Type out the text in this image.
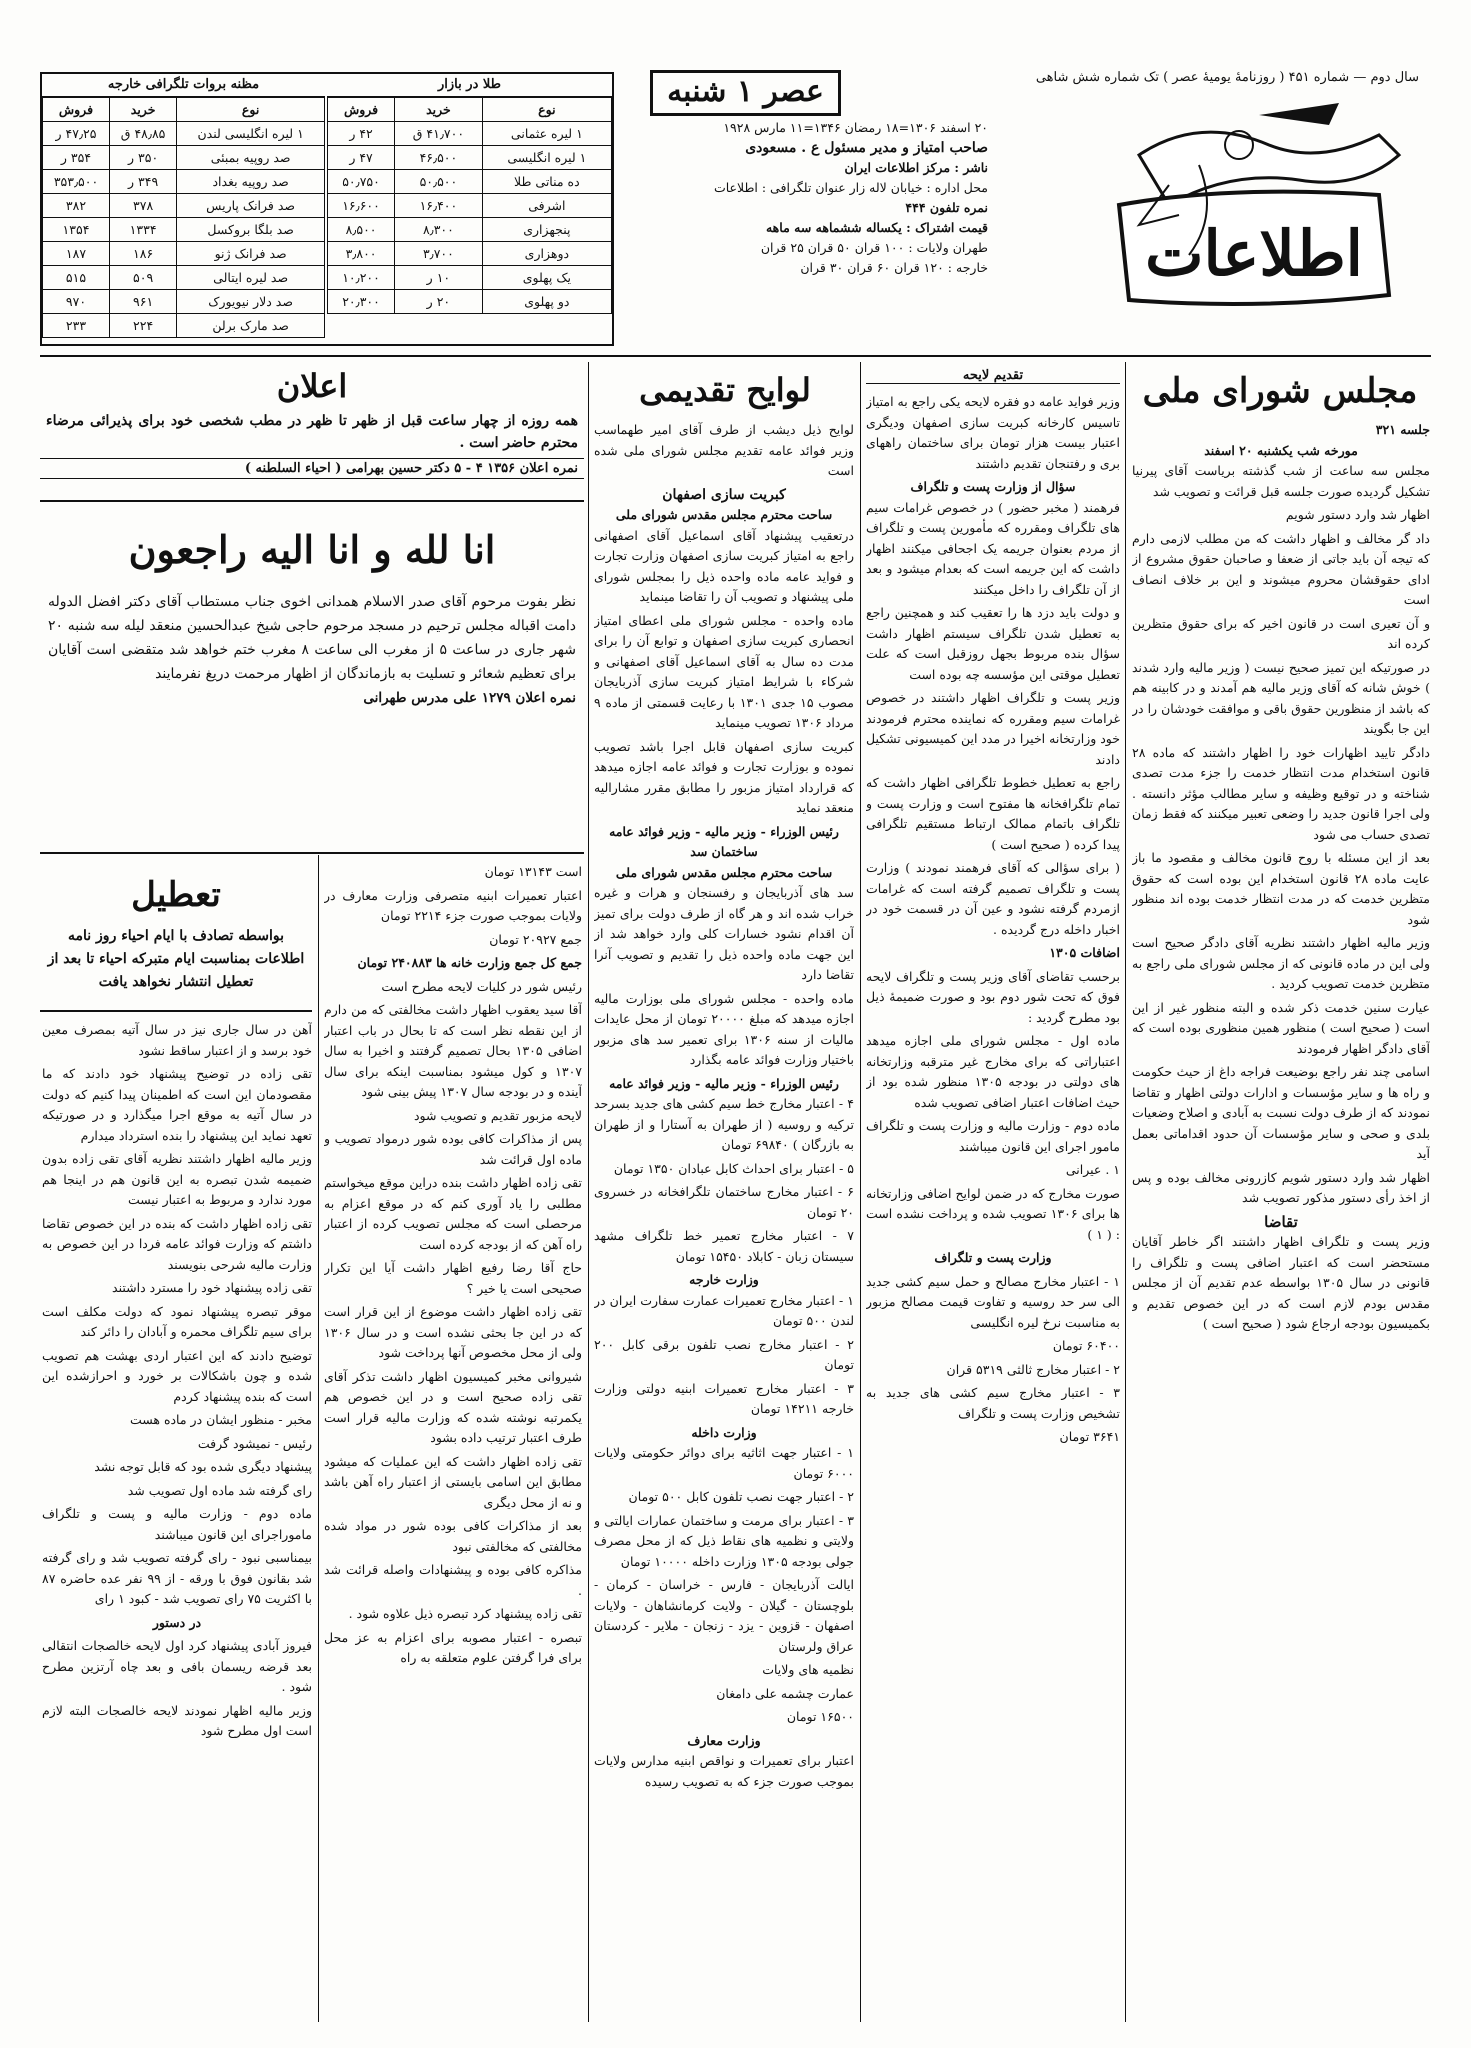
سال دوم — شماره ۴۵۱ ( روزنامهٔ یومیهٔ عصر ) تک شماره شش شاهی
اطلاعات
عصر ۱ شنبه
۲۰ اسفند ۱۳۰۶=۱۸ رمضان ۱۳۴۶=۱۱ مارس ۱۹۲۸
صاحب امتیاز و مدیر مسئول ع . مسعودی
ناشر : مرکز اطلاعات ایران
محل اداره : خیابان لاله زار عنوان تلگرافی : اطلاعات
نمره تلفون ۴۴۴
قیمت اشتراک : یکساله ششماهه سه ماهه
طهران ولایات : ۱۰۰ قران ۵۰ قران ۲۵ قران
خارجه : ۱۲۰ قران ۶۰ قران ۳۰ قران
طلا در بازار
نوع	خرید	فروش
۱ لیره عثمانی	۴۱٫۷۰۰ ق	۴۲ ر
۱ لیره انگلیسی	۴۶٫۵۰۰	۴۷ ر
ده مناتی طلا	۵۰٫۵۰۰	۵۰٫۷۵۰
اشرفی	۱۶٫۴۰۰	۱۶٫۶۰۰
پنجهزاری	۸٫۳۰۰	۸٫۵۰۰
دوهزاری	۳٫۷۰۰	۳٫۸۰۰
یک پهلوی	۱۰ ر	۱۰٫۲۰۰
دو پهلوی	۲۰ ر	۲۰٫۳۰۰
مظنه بروات تلگرافی خارجه
نوع	خرید	فروش
۱ لیره انگلیسی لندن	۴۸٫۸۵ ق	۴۷٫۲۵ ر
صد روپیه بمبئی	۳۵۰ ر	۳۵۴ ر
صد روپیه بغداد	۳۴۹ ر	۳۵۳٫۵۰۰
صد فرانک پاریس	۳۷۸	۳۸۲
صد بلگا بروکسل	۱۳۳۴	۱۳۵۴
صد فرانک ژنو	۱۸۶	۱۸۷
صد لیره ایتالی	۵۰۹	۵۱۵
صد دلار نیویورک	۹۶۱	۹۷۰
صد مارک برلن	۲۲۴	۲۳۳
مجلس شورای ملی
جلسه ۳۲۱
مورخه شب یکشنبه ۲۰ اسفند

مجلس سه ساعت از شب گذشته بریاست آقای پیرنیا تشکیل گردیده صورت جلسه قبل قرائت و تصویب شد

اظهار شد وارد دستور شویم

داد گر مخالف و اظهار داشت که من مطلب لازمی دارم که تیجه آن باید جاتی از ضعفا و صاحبان حقوق مشروع از ادای حقوقشان محروم میشوند و این بر خلاف انصاف است

و آن تعیری است در قانون اخیر که برای حقوق متظرین کرده اند

در صورتیکه این تمیز صحیح نیست ( وزیر مالیه وارد شدند ) خوش شانه که آقای وزیر مالیه هم آمدند و در کابینه هم که باشد از منظورین حقوق باقی و موافقت خودشان را در این جا بگویند

دادگر تایید اظهارات خود را اظهار داشتند که ماده ۲۸ قانون استخدام مدت انتظار خدمت را جزء مدت تصدی شناخته و در توقیع وظیفه و سایر مطالب مؤثر دانسته . ولی اجرا قانون جدید را وضعی تعبیر میکنند که فقط زمان تصدی حساب می شود

بعد از این مسئله با روح قانون مخالف و مقصود ما باز عایت ماده ۲۸ قانون استخدام این بوده است که حقوق متظرین خدمت که در مدت انتظار خدمت بوده اند منظور شود

وزیر مالیه اظهار داشتند نظریه آقای دادگر صحیح است ولی این در ماده قانونی که از مجلس شورای ملی راجع به متظرین خدمت تصویب کردید .

عیارت سنین خدمت ذکر شده و البته منظور غیر از این است ( صحیح است ) منظور همین منظوری بوده است که آقای دادگر اظهار فرمودند

اسامی چند نفر راجع بوضیعت فراجه داغ از حیث حکومت و راه ها و سایر مؤسسات و ادارات دولتی اظهار و تقاضا نمودند که از طرف دولت نسبت به آبادی و اصلاح وضعیات بلدی و صحی و سایر مؤسسات آن حدود اقداماتی بعمل آید

اظهار شد وارد دستور شویم کازرونی مخالف بوده و پس از اخذ رأی دستور مذکور تصویب شد

تقاضا

وزیر پست و تلگراف اظهار داشتند اگر خاطر آقایان مستحضر است که اعتبار اضافی پست و تلگراف را قانونی در سال ۱۳۰۵ بواسطه عدم تقدیم آن از مجلس مقدس بودم لازم است که در این خصوص تقدیم و بکمیسیون بودجه ارجاع شود ( صحیح است )

تقدیم لایحه

وزیر فواید عامه دو فقره لایحه یکی راجع به امتیاز تاسیس کارخانه کبریت سازی اصفهان ودیگری اعتبار بیست هزار تومان برای ساختمان راههای بری و رفتنجان تقدیم داشتند

سؤال از وزارت پست و تلگراف

فرهمند ( مخبر حضور ) در خصوص غرامات سیم های تلگراف ومقرره که مأمورین پست و تلگراف از مردم بعنوان جریمه یک اجحافی میکنند اظهار داشت که این جریمه است که بعدام میشود و بعد از آن تلگراف را داخل میکنند

و دولت باید دزد ها را تعقیب کند و همچنین راجع به تعطیل شدن تلگراف سیستم اظهار داشت سؤال بنده مربوط بجهل روزقبل است که علت تعطیل موقتی این مؤسسه چه بوده است

وزیر پست و تلگراف اظهار داشتند در خصوص غرامات سیم ومقرره که نماینده محترم فرمودند خود وزارتخانه اخیرا در مدد این کمیسیونی تشکیل دادند

راجع به تعطیل خطوط تلگرافی اظهار داشت که تمام تلگرافخانه ها مفتوح است و وزارت پست و تلگراف باتمام ممالک ارتباط مستقیم تلگرافی پیدا کرده ( صحیح است )

( برای سؤالی که آقای فرهمند نمودند ) وزارت پست و تلگراف تصمیم گرفته است که غرامات ازمردم گرفته نشود و عین آن در قسمت خود در اخبار داخله درج گردیده .

اضافات ۱۳۰۵

برحسب تقاضای آقای وزیر پست و تلگراف لایحه فوق که تحت شور دوم بود و صورت ضمیمهٔ ذیل بود مطرح گردید :

ماده اول - مجلس شورای ملی اجازه میدهد اعتباراتی که برای مخارج غیر مترقبه وزارتخانه های دولتی در بودجه ۱۳۰۵ منظور شده بود از حیث اضافات اعتبار اضافی تصویب شده

ماده دوم - وزارت مالیه و وزارت پست و تلگراف مامور اجرای این قانون میباشند

۱ . عیرانی

صورت مخارج که در ضمن لوایح اضافی وزارتخانه ها برای ۱۳۰۶ تصویب شده و پرداخت نشده است : ( ۱ )

وزارت پست و تلگراف

۱ - اعتبار مخارج مصالح و حمل سیم کشی جدید الی سر حد روسیه و تفاوت قیمت مصالح مزبور به مناسبت نرخ لیره انگلیسی

۶۰۴۰۰ تومان

۲ - اعتبار مخارج ثالثی ۵۳۱۹ قران

۳ - اعتبار مخارج سیم کشی های جدید به تشخیص وزارت پست و تلگراف

۳۶۴۱ تومان

لوایح تقدیمی

لوایح ذیل دیشب از طرف آقای امیر طهماسب وزیر فوائد عامه تقدیم مجلس شورای ملی شده است

کبریت سازی اصفهان
ساحت محترم مجلس مقدس شورای ملی

درتعقیب پیشنهاد آقای اسماعیل آقای اصفهانی راجع به امتیاز کبریت سازی اصفهان وزارت تجارت و فواید عامه ماده واحده ذیل را بمجلس شورای ملی پیشنهاد و تصویب آن را تقاضا مینماید

ماده واحده - مجلس شورای ملی اعطای امتیاز انحصاری کبریت سازی اصفهان و توابع آن را برای مدت ده سال به آقای اسماعیل آقای اصفهانی و شرکاء با شرایط امتیاز کبریت سازی آذربایجان مصوب ۱۵ جدی ۱۳۰۱ با رعایت قسمتی از ماده ۹ مرداد ۱۳۰۶ تصویب مینماید

کبریت سازی اصفهان قابل اجرا باشد تصویب نموده و بوزارت تجارت و فوائد عامه اجازه میدهد که قرارداد امتیاز مزبور را مطابق مقرر مشارالیه منعقد نماید

رئیس الوزراء - وزیر مالیه - وزیر فوائد عامه
ساختمان سد
ساحت محترم مجلس مقدس شورای ملی

سد های آذربایجان و رفسنجان و هرات و غیره خراب شده اند و هر گاه از طرف دولت برای تمیز آن اقدام نشود خسارات کلی وارد خواهد شد از این جهت ماده واحده ذیل را تقدیم و تصویب آنرا تقاضا دارد

ماده واحده - مجلس شورای ملی بوزارت مالیه اجازه میدهد که مبلغ ۲۰۰۰۰ تومان از محل عایدات مالیات از سنه ۱۳۰۶ برای تعمیر سد های مزبور باختیار وزارت فوائد عامه بگذارد

رئیس الوزراء - وزیر مالیه - وزیر فوائد عامه

۴ - اعتبار مخارج خط سیم کشی های جدید بسرحد ترکیه و روسیه ( از طهران به آستارا و از طهران به بازرگان ) ۶۹۸۴۰ تومان

۵ - اعتبار برای احداث کابل عبادان ۱۳۵۰ تومان

۶ - اعتبار مخارج ساختمان تلگرافخانه در خسروی ۲۰ تومان

۷ - اعتبار مخارج تعمیر خط تلگراف مشهد سیستان زبان - کابلاد ۱۵۴۵۰ تومان

وزارت خارجه

۱ - اعتبار مخارج تعمیرات عمارت سفارت ایران در لندن ۵۰۰ تومان

۲ - اعتبار مخارج نصب تلفون برقی کابل ۲۰۰ تومان

۳ - اعتبار مخارج تعمیرات ابنیه دولتی وزارت خارجه ۱۴۲۱۱ تومان

وزارت داخله

۱ - اعتبار جهت اثاثیه برای دوائر حکومتی ولایات ۶۰۰۰ تومان

۲ - اعتبار جهت نصب تلفون کابل ۵۰۰ تومان

۳ - اعتبار برای مرمت و ساختمان عمارات ایالتی و ولایتی و نظمیه های نقاط ذیل که از محل مصرف جولی بودجه ۱۳۰۵ وزارت داخله ۱۰۰۰۰ تومان

ایالت آذربایجان - فارس - خراسان - کرمان - بلوچستان - گیلان - ولایت کرمانشاهان - ولایات اصفهان - قزوین - یزد - زنجان - ملایر - کردستان عراق ولرستان

نظمیه های ولایات

عمارت چشمه علی دامغان

۱۶۵۰۰ تومان

وزارت معارف

اعتبار برای تعمیرات و نواقص ابنیه مدارس ولایات بموجب صورت جزء که به تصویب رسیده

اعلان
همه روزه از چهار ساعت قبل از ظهر تا ظهر در مطب شخصی خود برای پذیرائی مرضاء محترم حاضر است .
نمره اعلان ۱۳۵۶ ۴ - ۵ دکتر حسین بهرامی ( احیاء السلطنه )
انا لله و انا الیه راجعون
نظر بفوت مرحوم آقای صدر الاسلام همدانی اخوی جناب مستطاب آقای دکتر افضل الدوله دامت اقباله مجلس ترحیم در مسجد مرحوم حاجی شیخ عبدالحسین منعقد لیله سه شنبه ۲۰ شهر جاری در ساعت ۵ از مغرب الی ساعت ۸ مغرب ختم خواهد شد متقضی است آقایان برای تعظیم شعائر و تسلیت به بازماندگان از اظهار مرحمت دریغ نفرمایند
نمره اعلان ۱۲۷۹ علی مدرس طهرانی
تعطیل
بواسطه تصادف با ایام احیاء روز نامه اطلاعات بمناسبت ایام متبرکه احیاء تا بعد از تعطیل انتشار نخواهد یافت

است ۱۳۱۴۳ تومان

اعتبار تعمیرات ابنیه متصرفی وزارت معارف در ولایات بموجب صورت جزء ۲۲۱۴ تومان

جمع ۲۰۹۲۷ تومان

جمع کل جمع وزارت خانه ها ۲۴۰۸۸۳ تومان

رئیس شور در کلیات لایحه مطرح است

آقا سید یعقوب اظهار داشت مخالفتی که من دارم از این نقطه نظر است که تا بحال در باب اعتبار اضافی ۱۳۰۵ بحال تصمیم گرفتند و اخیرا به سال ۱۳۰۷ و کول میشود بمناسبت اینکه برای سال آینده و در بودجه سال ۱۳۰۷ پیش بینی شود

لایحه مزبور تقدیم و تصویب شود

پس از مذاکرات کافی بوده شور درمواد تصویب و ماده اول قرائت شد

تقی زاده اظهار داشت بنده دراین موقع میخواستم مطلبی را یاد آوری کنم که در موقع اعزام به مرحصلی است که مجلس تصویب کرده از اعتبار راه آهن که از بودجه کرده است

حاج آقا رضا رفیع اظهار داشت آیا این تکرار صحیحی است یا خیر ؟

تقی زاده اظهار داشت موضوع از این قرار است که در این جا بحثی نشده است و در سال ۱۳۰۶ ولی از محل مخصوص آنها پرداخت شود

شیروانی مخبر کمیسیون اظهار داشت تذکر آقای تقی زاده صحیح است و در این خصوص هم یکمرتبه نوشته شده که وزارت مالیه قرار است طرف اعتبار ترتیب داده بشود

تقی زاده اظهار داشت که این عملیات که میشود مطابق این اسامی بایستی از اعتبار راه آهن باشد و نه از محل دیگری

بعد از مذاکرات کافی بوده شور در مواد شده مخالفتی که مخالفتی نبود

مذاکره کافی بوده و پیشنهادات واصله قرائت شد .

تقی زاده پیشنهاد کرد تبصره ذیل علاوه شود .

تبصره - اعتبار مصوبه برای اعزام به عز محل برای فرا گرفتن علوم متعلقه به راه

آهن در سال جاری نیز در سال آتیه بمصرف معین خود برسد و از اعتبار ساقط نشود

تقی زاده در توضیح پیشنهاد خود دادند که ما مقصودمان این است که اطمینان پیدا کنیم که دولت در سال آتیه به موقع اجرا میگذارد و در صورتیکه تعهد نماید این پیشنهاد را بنده استرداد میدارم

وزیر مالیه اظهار داشتند نظریه آقای تقی زاده بدون ضمیمه شدن تبصره به این قانون هم در اینجا هم مورد ندارد و مربوط به اعتبار نیست

تقی زاده اظهار داشت که بنده در این خصوص تقاضا داشتم که وزارت فوائد عامه فردا در این خصوص به وزارت مالیه شرحی بنویسند

تقی زاده پیشنهاد خود را مسترد داشتند

موقر تبصره پیشنهاد نمود که دولت مکلف است برای سیم تلگراف محمره و آبادان را دائر کند

توضیح دادند که این اعتبار اردی بهشت هم تصویب شده و چون باشکالات بر خورد و احرازشده این است که بنده پیشنهاد کردم

مخبر - منظور ایشان در ماده هست

رئیس - نمیشود گرفت

پیشنهاد دیگری شده بود که قابل توجه نشد

رای گرفته شد ماده اول تصویب شد

ماده دوم - وزارت مالیه و پست و تلگراف ماموراجرای این قانون میباشند

بیمناسبی نبود - رای گرفته تصویب شد و رای گرفته شد بقانون فوق با ورقه - از ۹۹ نفر عده حاضره ۸۷ با اکثریت ۷۵ رای تصویب شد - کبود ۱ رای

در دستور

فیروز آبادی پیشنهاد کرد اول لایحه خالصجات انتقالی بعد قرضه ریسمان بافی و بعد چاه آرتزین مطرح شود .

وزیر مالیه اظهار نمودند لایحه خالصجات البته لازم است اول مطرح شود
